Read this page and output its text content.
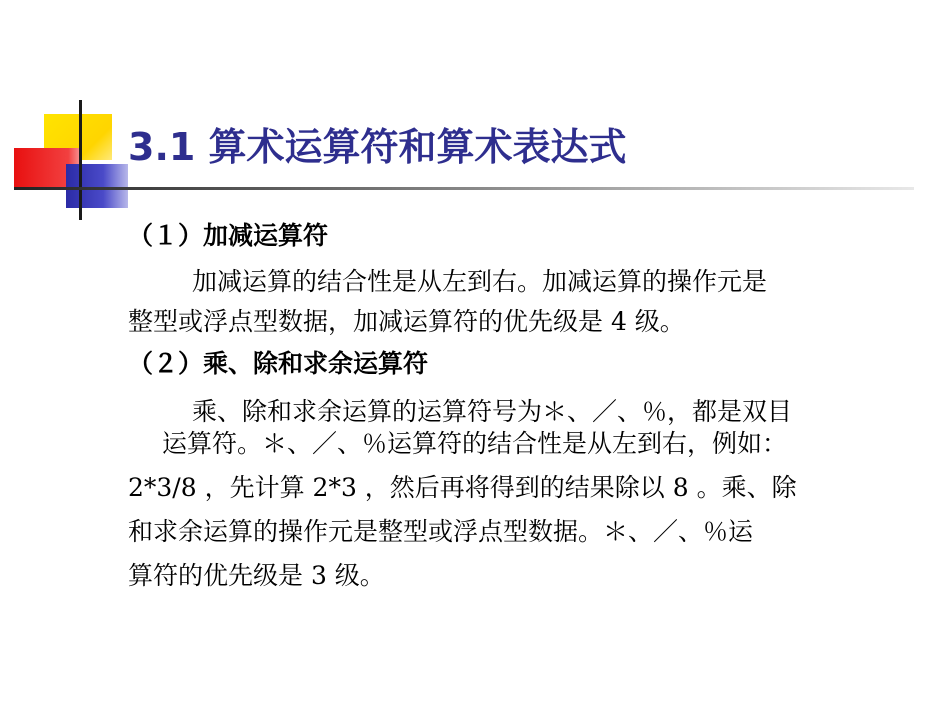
3.1 算术运算符和算术表达式
（１）加减运算符
加减运算的结合性是从左到右。加减运算的操作元是
整型或浮点型数据，加减运算符的优先级是 4 级。
（２）乘、除和求余运算符
乘、除和求余运算的运算符号为＊、／、％，都是双目
运算符。＊、／、％运算符的结合性是从左到右，例如：
2*3/8 ，先计算 2*3 ，然后再将得到的结果除以 8 。乘、除
和求余运算的操作元是整型或浮点型数据。＊、／、％运
算符的优先级是 3 级。
